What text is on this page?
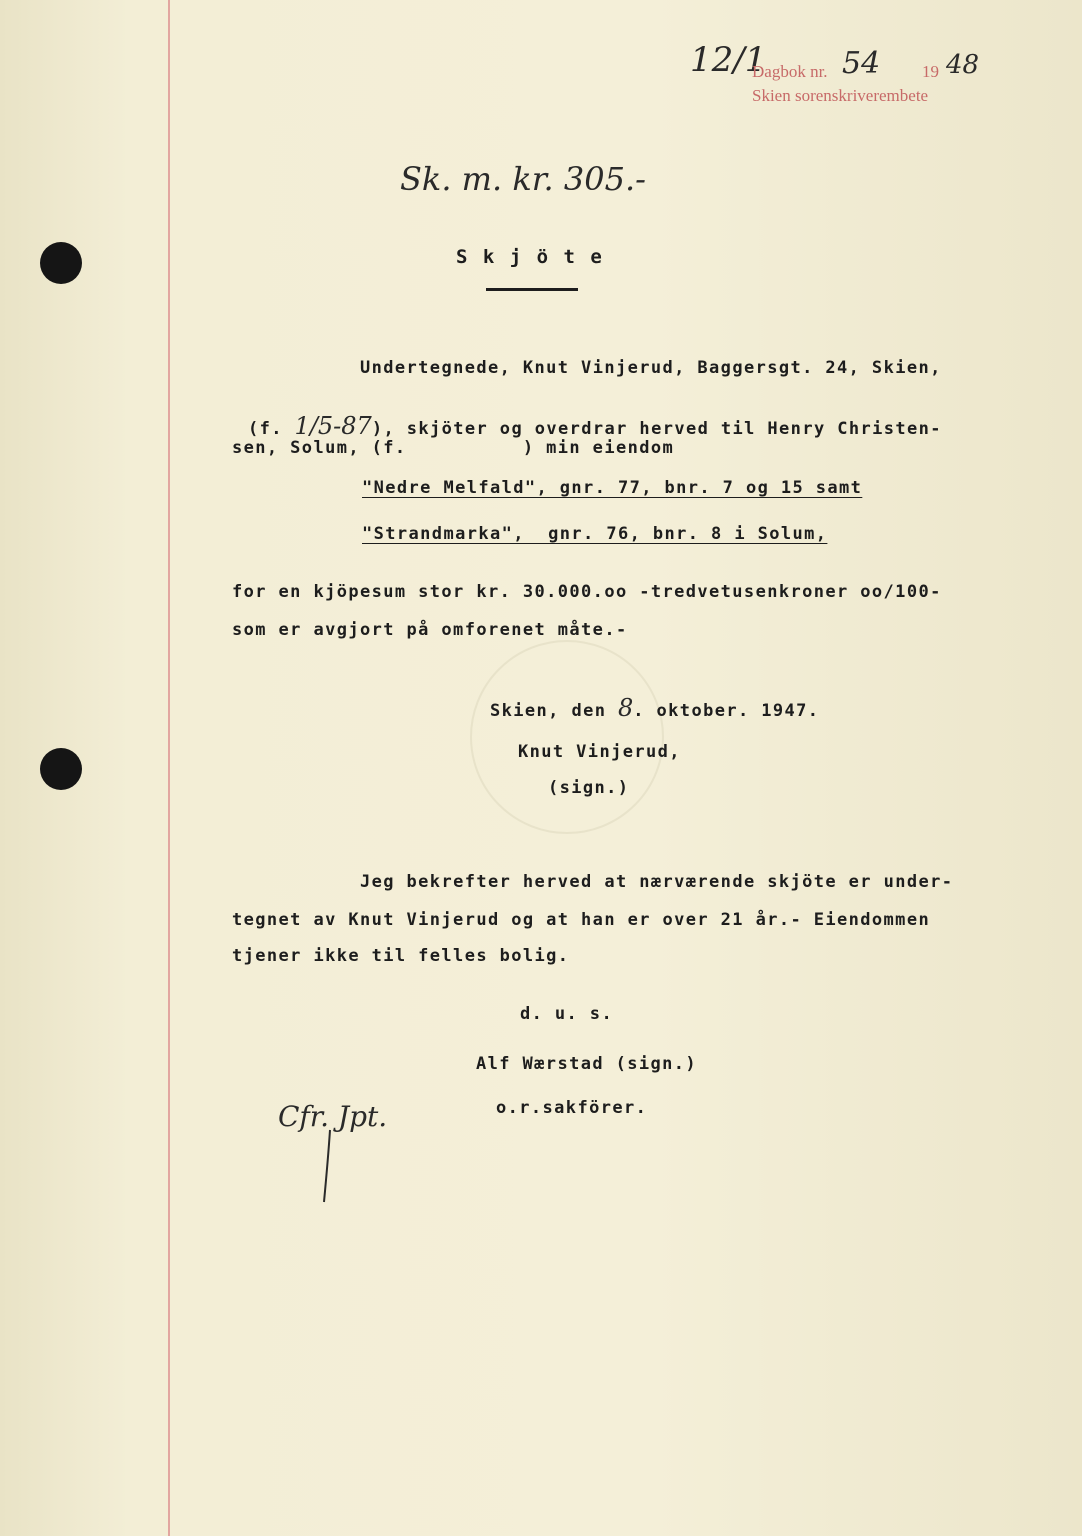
12/1
Dagbok nr. 54 19 48
Skien sorenskriverembete
Sk. m. kr. 305.-
S k j ö t e
Undertegnede, Knut Vinjerud, Baggersgt. 24, Skien,

(f. 1/5-87), skjöter og overdrar herved til Henry Christen-

sen, Solum, (f.          ) min eiendom
"Nedre Melfald", gnr. 77, bnr. 7 og 15 samt
"Strandmarka",  gnr. 76, bnr. 8 i Solum,
for en kjöpesum stor kr. 30.000.oo -tredvetusenkroner oo/100-
som er avgjort på omforenet måte.-

Skien, den 8. oktober. 1947.

Knut Vinjerud,
(sign.)
Jeg bekrefter herved at nærværende skjöte er under-
tegnet av Knut Vinjerud og at han er over 21 år.- Eiendommen
tjener ikke til felles bolig.
d. u. s.
Alf Wærstad (sign.)
o.r.sakförer.
Cfr. Jpt.
